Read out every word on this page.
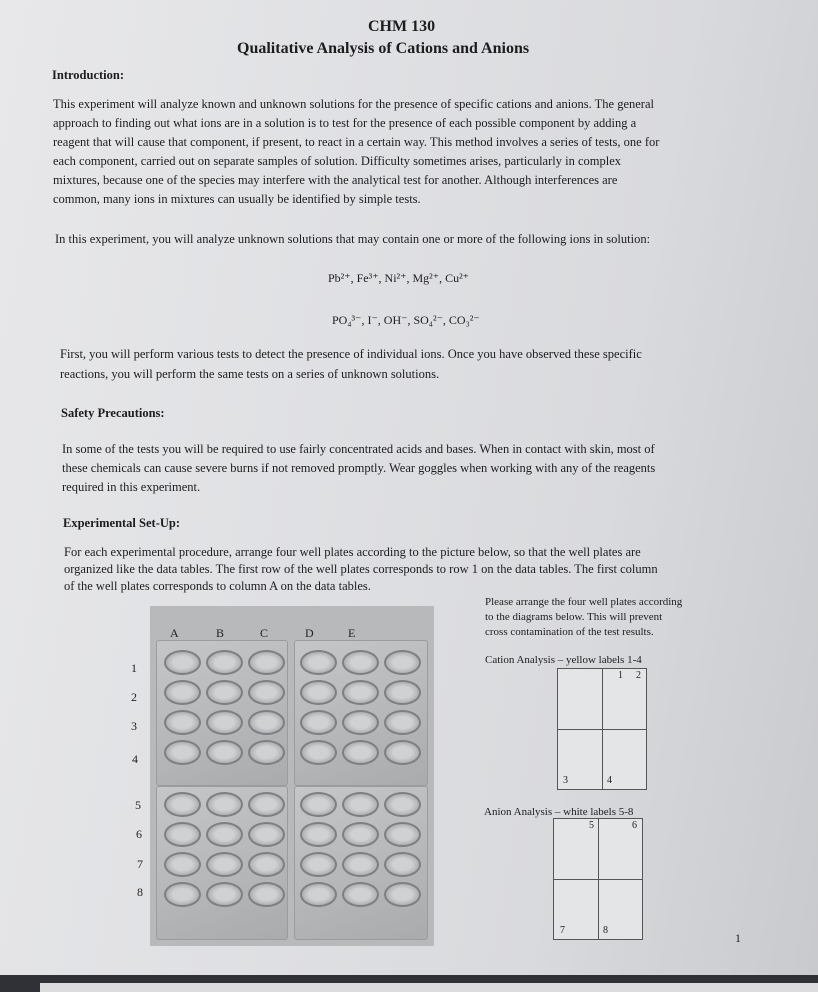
CHM 130
Qualitative Analysis of Cations and Anions
Introduction:
This experiment will analyze known and unknown solutions for the presence of specific cations and anions. The general
approach to finding out what ions are in a solution is to test for the presence of each possible component by adding a
reagent that will cause that component, if present, to react in a certain way. This method involves a series of tests, one for
each component, carried out on separate samples of solution. Difficulty sometimes arises, particularly in complex
mixtures, because one of the species may interfere with the analytical test for another. Although interferences are
common, many ions in mixtures can usually be identified by simple tests.
In this experiment, you will analyze unknown solutions that may contain one or more of the following ions in solution:
Pb²⁺, Fe³⁺, Ni²⁺, Mg²⁺, Cu²⁺
PO₄³⁻, I⁻, OH⁻, SO₄²⁻, CO₃²⁻
First, you will perform various tests to detect the presence of individual ions. Once you have observed these specific
reactions, you will perform the same tests on a series of unknown solutions.
Safety Precautions:
In some of the tests you will be required to use fairly concentrated acids and bases. When in contact with skin, most of
these chemicals can cause severe burns if not removed promptly. Wear goggles when working with any of the reagents
required in this experiment.
Experimental Set-Up:
For each experimental procedure, arrange four well plates according to the picture below, so that the well plates are
organized like the data tables. The first row of the well plates corresponds to row 1 on the data tables. The first column
of the well plates corresponds to column A on the data tables.
A	B	C	D	E
1
2
3
4
5
6
7
8
Please arrange the four well plates according
to the diagrams below. This will prevent
cross contamination of the test results.
Cation Analysis – yellow labels 1-4
1 2
3	4
Anion Analysis – white labels 5-8
5	6
7	8
1
